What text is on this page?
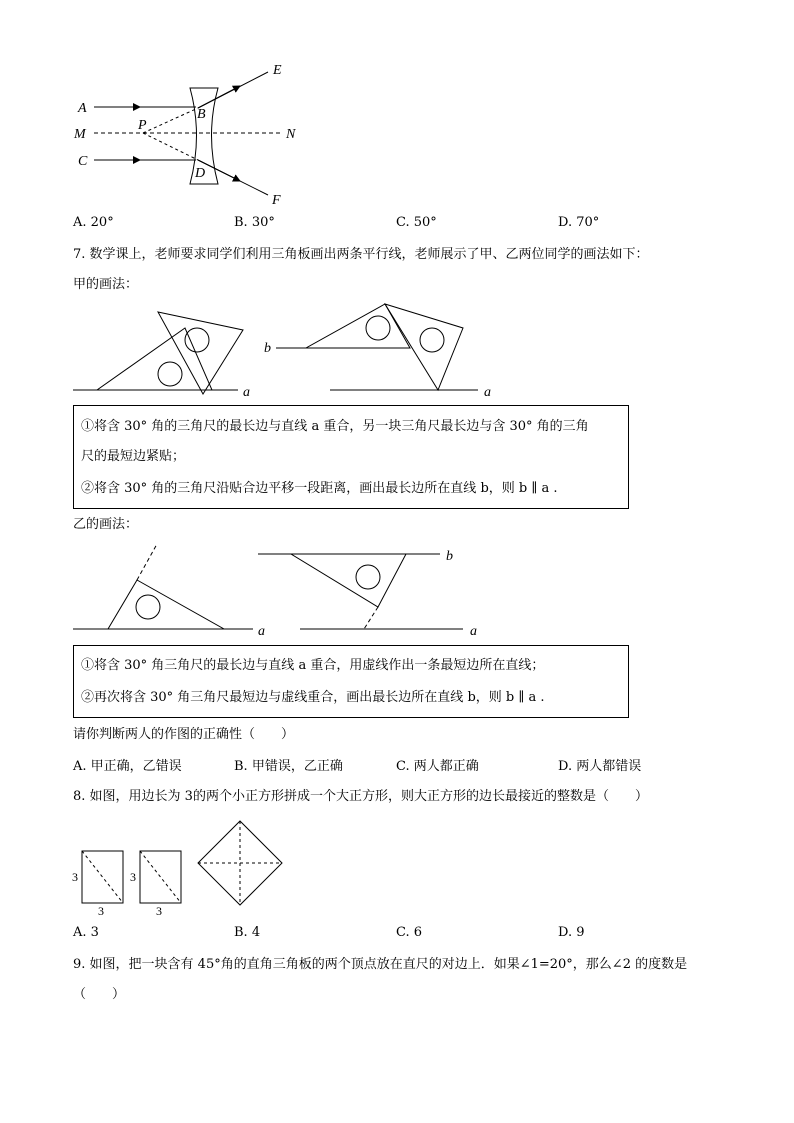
A
M
C
P
B
D
E
N
F
A. 20°	B. 30°	C. 50°	D. 70°
7. 数学课上，老师要求同学们利用三角板画出两条平行线，老师展示了甲、乙两位同学的画法如下：
甲的画法：
a
b
a
①将含 30° 角的三角尺的最长边与直线 a 重合，另一块三角尺最长边与含 30° 角的三角
尺的最短边紧贴；
②将含 30° 角的三角尺沿贴合边平移一段距离，画出最长边所在直线 b，则 b ∥ a .
乙的画法：
a
b
a
①将含 30° 角三角尺的最长边与直线 a 重合，用虚线作出一条最短边所在直线；
②再次将含 30° 角三角尺最短边与虚线重合，画出最长边所在直线 b，则 b ∥ a .
请你判断两人的作图的正确性（　　）
A. 甲正确，乙错误	B. 甲错误，乙正确	C. 两人都正确	D. 两人都错误
8. 如图，用边长为 3的两个小正方形拼成一个大正方形，则大正方形的边长最接近的整数是（　　）
3
3
3
3
A. 3	B. 4	C. 6	D. 9
9. 如图，把一块含有 45°角的直角三角板的两个顶点放在直尺的对边上．如果∠1=20°，那么∠2 的度数是
（　　）
